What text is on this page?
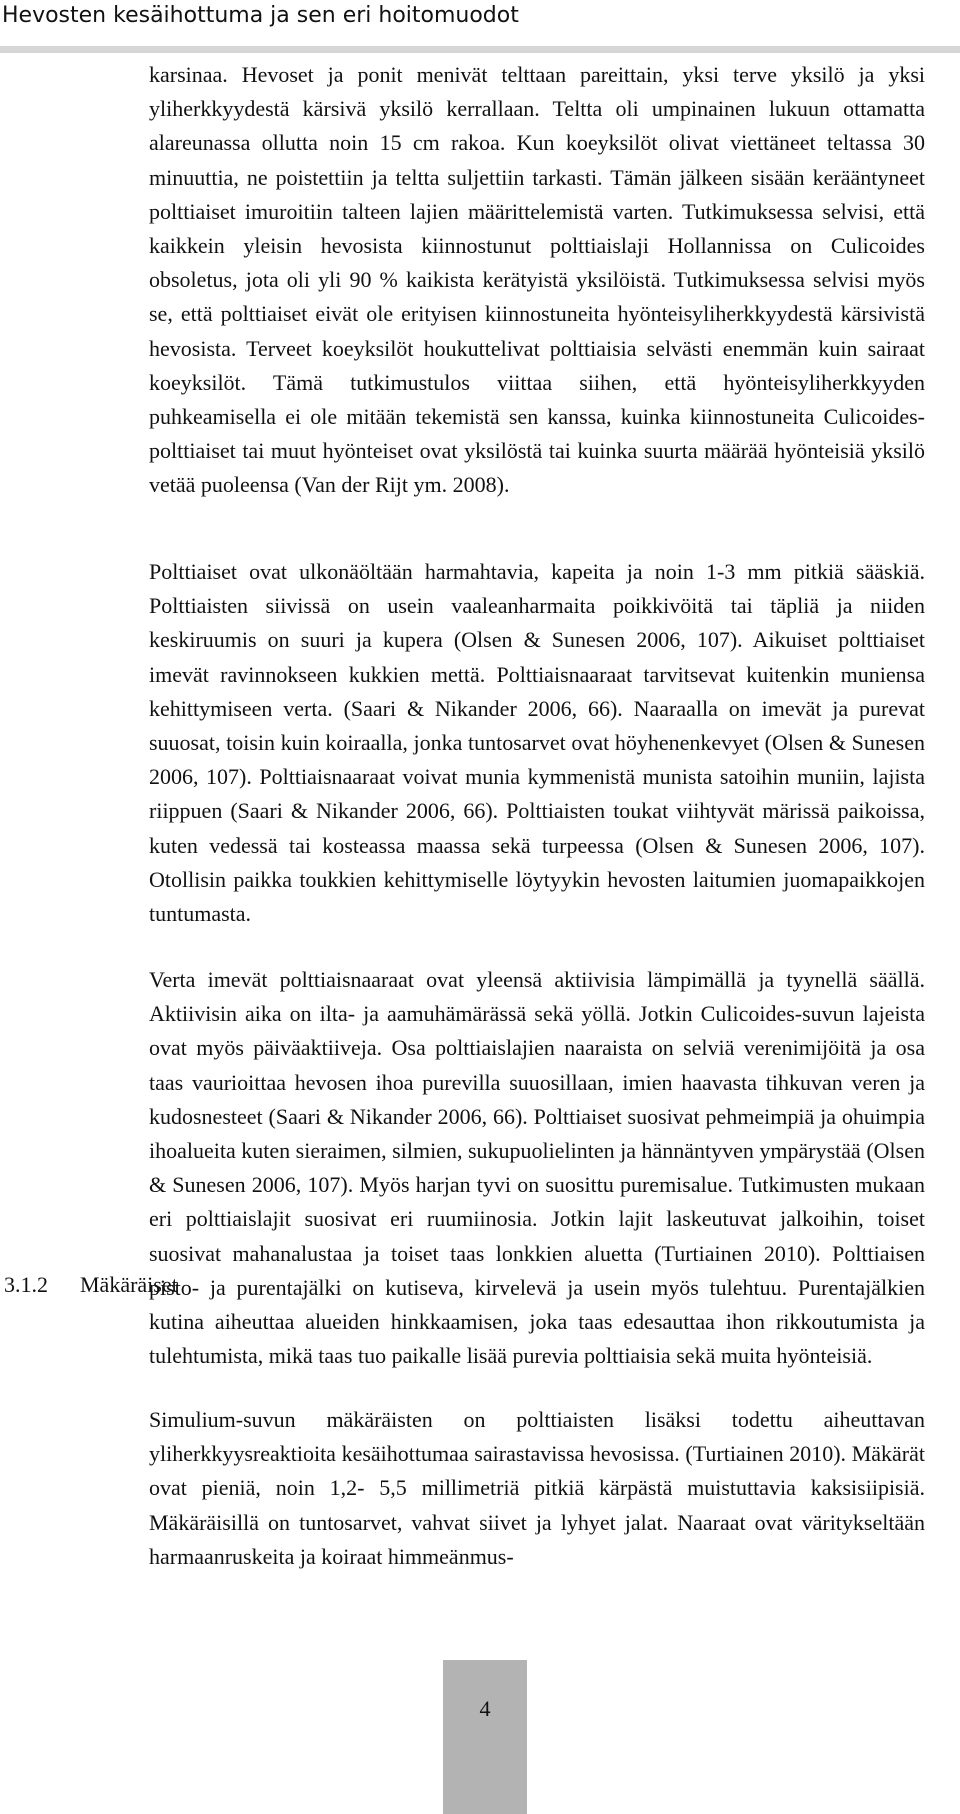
Hevosten kesäihottuma ja sen eri hoitomuodot

karsinaa. Hevoset ja ponit menivät telttaan pareittain, yksi terve yksilö ja yksi yliherkkyydestä kärsivä yksilö kerrallaan. Teltta oli umpinainen lukuun ottamatta alareunassa ollutta noin 15 cm rakoa. Kun koeyksilöt olivat viettäneet teltassa 30 minuuttia, ne poistettiin ja teltta suljettiin tarkasti. Tämän jälkeen sisään kerääntyneet polttiaiset imuroitiin talteen lajien määrittelemistä varten. Tutkimuksessa selvisi, että kaikkein yleisin hevosista kiinnostunut polttiaislaji Hollannissa on Culicoides obsoletus, jota oli yli 90 % kaikista kerätyistä yksilöistä. Tutkimuksessa selvisi myös se, että polttiaiset eivät ole erityisen kiinnostuneita hyönteisyliherkkyydestä kärsivistä hevosista. Terveet koeyksilöt houkuttelivat polttiaisia selvästi enemmän kuin sairaat koeyksilöt. Tämä tutkimustulos viittaa siihen, että hyönteisyliherkkyyden puhkeamisella ei ole mitään tekemistä sen kanssa, kuinka kiinnostuneita Culicoides-polttiaiset tai muut hyönteiset ovat yksilöstä tai kuinka suurta määrää hyönteisiä yksilö vetää puoleensa (Van der Rijt ym. 2008).

Polttiaiset ovat ulkonäöltään harmahtavia, kapeita ja noin 1-3 mm pitkiä sääskiä. Polttiaisten siivissä on usein vaaleanharmaita poikkivöitä tai täpliä ja niiden keskiruumis on suuri ja kupera (Olsen & Sunesen 2006, 107). Aikuiset polttiaiset imevät ravinnokseen kukkien mettä. Polttiaisnaaraat tarvitsevat kuitenkin muniensa kehittymiseen verta. (Saari & Nikander 2006, 66). Naaraalla on imevät ja purevat suuosat, toisin kuin koiraalla, jonka tuntosarvet ovat höyhenenkevyet (Olsen & Sunesen 2006, 107). Polttiaisnaaraat voivat munia kymmenistä munista satoihin muniin, lajista riippuen (Saari & Nikander 2006, 66). Polttiaisten toukat viihtyvät märissä paikoissa, kuten vedessä tai kosteassa maassa sekä turpeessa (Olsen & Sunesen 2006, 107). Otollisin paikka toukkien kehittymiselle löytyykin hevosten laitumien juomapaikkojen tuntumasta.

Verta imevät polttiaisnaaraat ovat yleensä aktiivisia lämpimällä ja tyynellä säällä. Aktiivisin aika on ilta- ja aamuhämärässä sekä yöllä. Jotkin Culicoides-suvun lajeista ovat myös päiväaktiiveja. Osa polttiaislajien naaraista on selviä verenimijöitä ja osa taas vaurioittaa hevosen ihoa purevilla suuosillaan, imien haavasta tihkuvan veren ja kudosnesteet (Saari & Nikander 2006, 66). Polttiaiset suosivat pehmeimpiä ja ohuimpia ihoalueita kuten sieraimen, silmien, sukupuolielinten ja hännäntyven ympärystää (Olsen & Sunesen 2006, 107). Myös harjan tyvi on suosittu puremisalue. Tutkimusten mukaan eri polttiaislajit suosivat eri ruumiinosia. Jotkin lajit laskeutuvat jalkoihin, toiset suosivat mahanalustaa ja toiset taas lonkkien aluetta (Turtiainen 2010). Polttiaisen pisto- ja purentajälki on kutiseva, kirvelevä ja usein myös tulehtuu. Purentajälkien kutina aiheuttaa alueiden hinkkaamisen, joka taas edesauttaa ihon rikkoutumista ja tulehtumista, mikä taas tuo paikalle lisää purevia polttiaisia sekä muita hyönteisiä.

3.1.2 Mäkäräiset

Simulium-suvun mäkäräisten on polttiaisten lisäksi todettu aiheuttavan yliherkkyysreaktioita kesäihottumaa sairastavissa hevosissa. (Turtiainen 2010). Mäkärät ovat pieniä, noin 1,2- 5,5 millimetriä pitkiä kärpästä muistuttavia kaksisiipisiä. Mäkäräisillä on tuntosarvet, vahvat siivet ja lyhyet jalat. Naaraat ovat väritykseltään harmaanruskeita ja koiraat himmeänmus-

4
